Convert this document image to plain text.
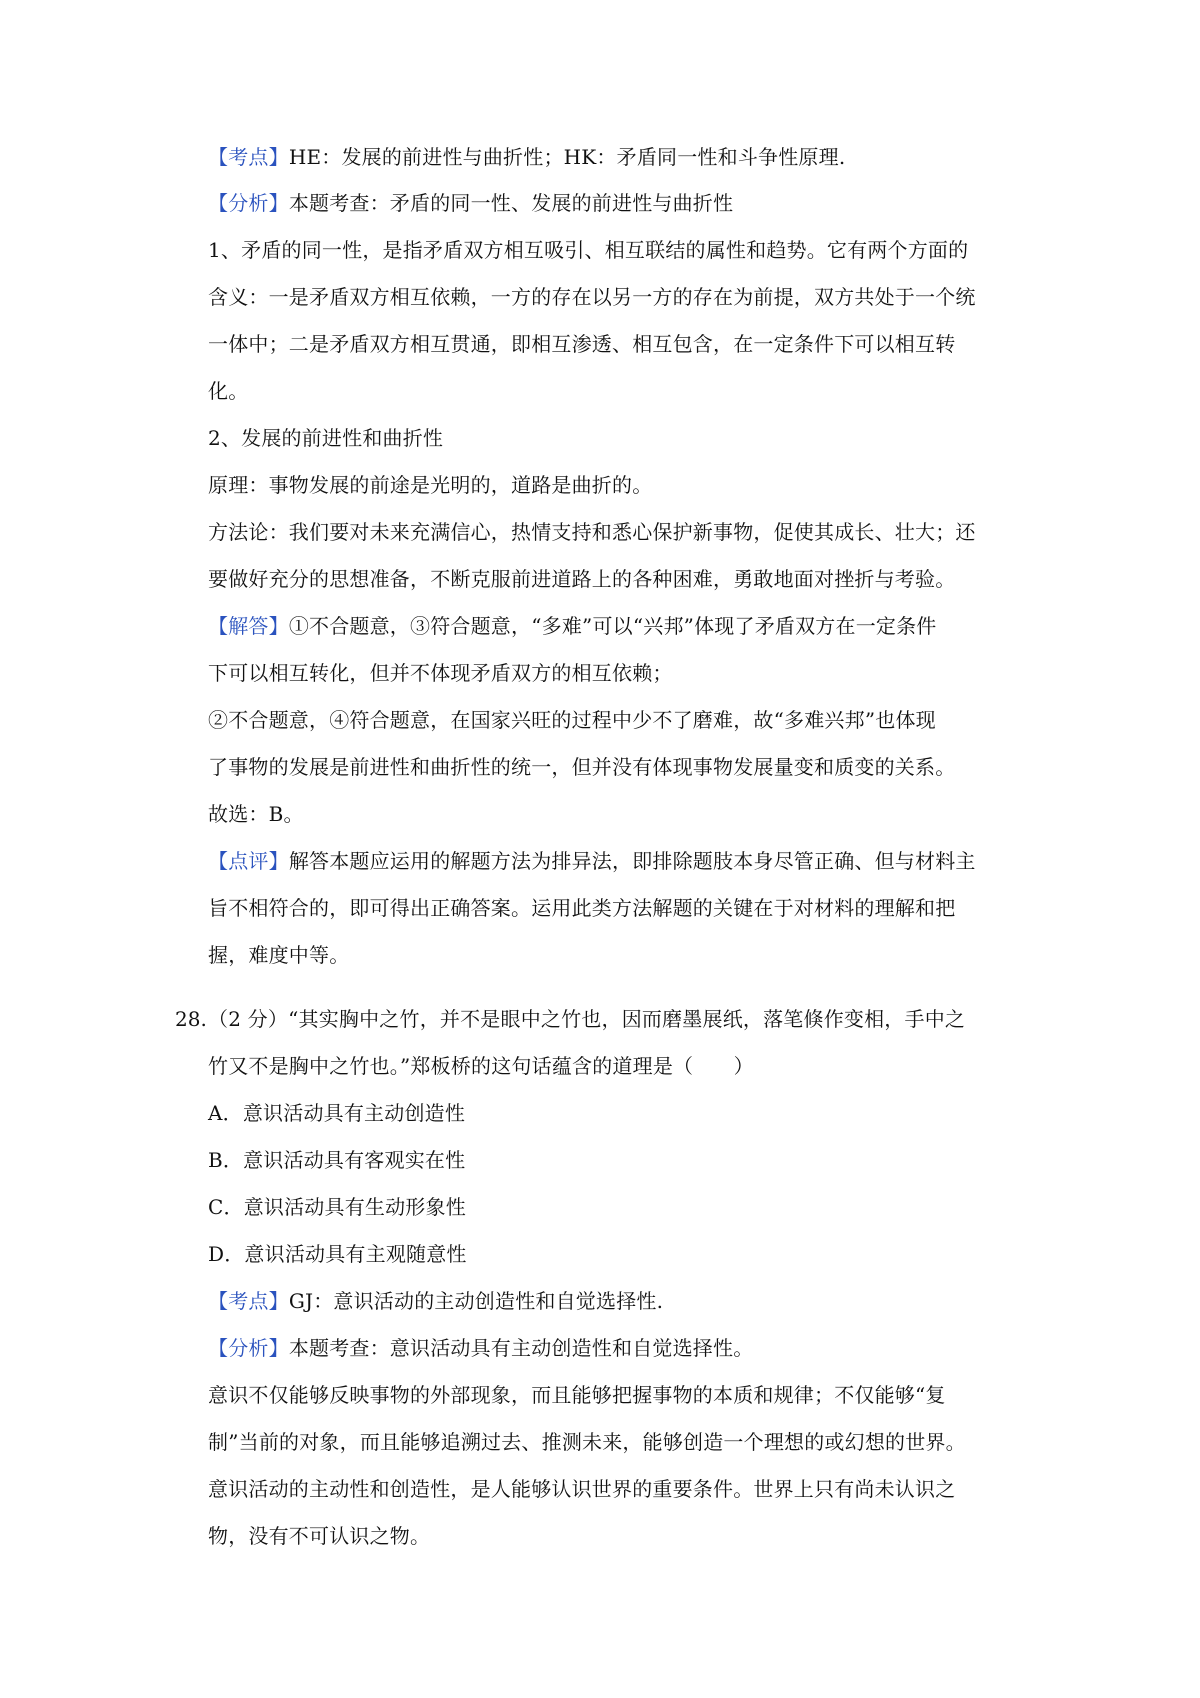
【考点】HE：发展的前进性与曲折性；HK：矛盾同一性和斗争性原理.
【分析】本题考查：矛盾的同一性、发展的前进性与曲折性
1、矛盾的同一性，是指矛盾双方相互吸引、相互联结的属性和趋势。它有两个方面的
含义：一是矛盾双方相互依赖，一方的存在以另一方的存在为前提，双方共处于一个统
一体中；二是矛盾双方相互贯通，即相互渗透、相互包含，在一定条件下可以相互转
化。
2、发展的前进性和曲折性
原理：事物发展的前途是光明的，道路是曲折的。
方法论：我们要对未来充满信心，热情支持和悉心保护新事物，促使其成长、壮大；还
要做好充分的思想准备，不断克服前进道路上的各种困难，勇敢地面对挫折与考验。
【解答】①不合题意，③符合题意，“多难”可以“兴邦”体现了矛盾双方在一定条件
下可以相互转化，但并不体现矛盾双方的相互依赖；
②不合题意，④符合题意，在国家兴旺的过程中少不了磨难，故“多难兴邦”也体现
了事物的发展是前进性和曲折性的统一，但并没有体现事物发展量变和质变的关系。
故选：B。
【点评】解答本题应运用的解题方法为排异法，即排除题肢本身尽管正确、但与材料主
旨不相符合的，即可得出正确答案。运用此类方法解题的关键在于对材料的理解和把
握，难度中等。
28. （2 分）“其实胸中之竹，并不是眼中之竹也，因而磨墨展纸，落笔倏作变相，手中之
竹又不是胸中之竹也。”郑板桥的这句话蕴含的道理是（　　）
A．意识活动具有主动创造性
B．意识活动具有客观实在性
C．意识活动具有生动形象性
D．意识活动具有主观随意性
【考点】GJ：意识活动的主动创造性和自觉选择性.
【分析】本题考查：意识活动具有主动创造性和自觉选择性。
意识不仅能够反映事物的外部现象，而且能够把握事物的本质和规律；不仅能够“复
制”当前的对象，而且能够追溯过去、推测未来，能够创造一个理想的或幻想的世界。
意识活动的主动性和创造性，是人能够认识世界的重要条件。世界上只有尚未认识之
物，没有不可认识之物。
